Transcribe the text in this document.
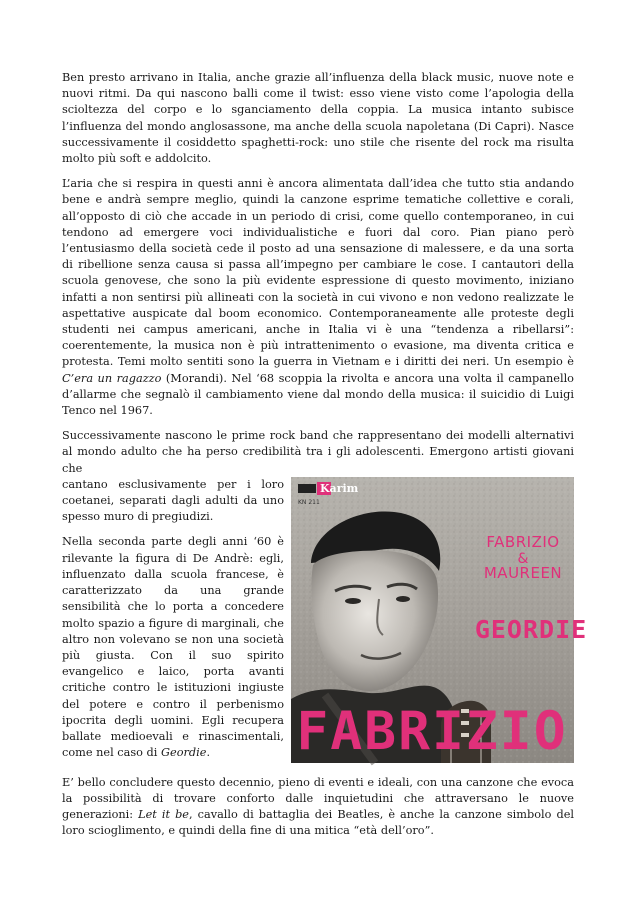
Ben presto arrivano in Italia, anche grazie all’influenza della black music, nuove note e nuovi ritmi. Da qui nascono balli come il twist: esso viene visto come l’apologia della scioltezza del corpo e lo sganciamento della coppia. La musica intanto subisce l’influenza del mondo anglosassone, ma anche della scuola napoletana (Di Capri). Nasce successivamente il cosiddetto spaghetti-rock: uno stile che risente del rock ma risulta molto più soft e addolcito.

L’aria che si respira in questi anni è ancora alimentata dall’idea che tutto stia andando bene e andrà sempre meglio, quindi la canzone esprime tematiche collettive e corali, all’opposto di ciò che accade in un periodo di crisi, come quello contemporaneo, in cui tendono ad emergere voci individualistiche e fuori dal coro. Pian piano però l’entusiasmo della società cede il posto ad una sensazione di malessere, e da una sorta di ribellione senza causa si passa all’impegno per cambiare le cose. I cantautori della scuola genovese, che sono la più evidente espressione di questo movimento, iniziano infatti a non sentirsi più allineati con la società in cui vivono e non vedono realizzate le aspettative auspicate dal boom economico. Contemporaneamente alle proteste degli studenti nei campus americani, anche in Italia vi è una “tendenza a ribellarsi”: coerentemente, la musica non è più intrattenimento o evasione, ma diventa critica e protesta. Temi molto sentiti sono la guerra in Vietnam e i diritti dei neri. Un esempio è C’era un ragazzo (Morandi). Nel ‘68 scoppia la rivolta e ancora una volta il campanello d’allarme che segnalò il cambiamento viene dal mondo della musica: il suicidio di Luigi Tenco nel 1967.

Successivamente nascono le prime rock band che rappresentano dei modelli alternativi al mondo adulto che ha perso credibilità tra i gli adolescenti. Emergono artisti giovani che

cantano esclusivamente per i loro coetanei, separati dagli adulti da uno spesso muro di pregiudizi.

Nella seconda parte degli anni ‘60 è rilevante la figura di De Andrè: egli, influenzato dalla scuola francese, è caratterizzato da una grande sensibilità che lo porta a concedere molto spazio a figure di marginali, che altro non volevano se non una società più giusta. Con il suo spirito evangelico e laico, porta avanti critiche contro le istituzioni ingiuste del potere e contro il perbenismo ipocrita degli uomini. Egli recupera ballate medioevali e rinascimentali, come nel caso di Geordie.

Karim
KN 211
FABRIZIO
&
MAUREEN
GEORDIE
FABRIZIO

E’ bello concludere questo decennio, pieno di eventi e ideali, con una canzone che evoca la possibilità di trovare conforto dalle inquietudini che attraversano le nuove generazioni: Let it be, cavallo di battaglia dei Beatles, è anche la canzone simbolo del loro scioglimento, e quindi della fine di una mitica “età dell’oro”.
